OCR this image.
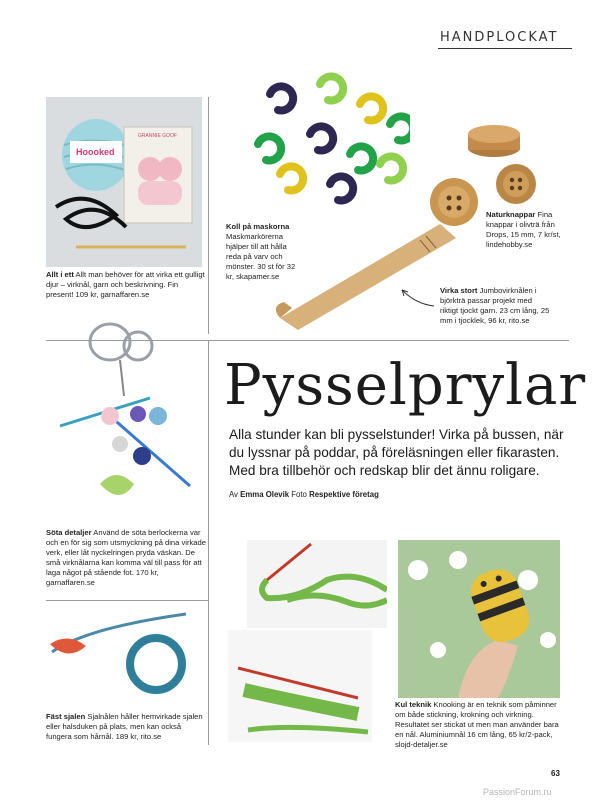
HANDPLOCKAT
Hoooked
GRANNIE GOOF
Allt i ett Allt man behöver för att virka ett gulligt djur – virknål, garn och beskrivning. Fin present! 109 kr, garnaffaren.se
Koll på maskorna Maskmarkörerna hjälper till att hålla reda på varv och mönster. 30 st för 32 kr, skapamer.se
Naturknappar Fina knappar i olivträ från Drops, 15 mm, 7 kr/st, lindehobby.se
Virka stort Jumbovirknålen i björkträ passar projekt med riktigt tjockt garn. 23 cm lång, 25 mm i tjocklek, 96 kr, rito.se
Pysselprylar
Alla stunder kan bli pysselstunder! Virka på bussen, när du lyssnar på poddar, på föreläsningen eller fikarasten. Med bra tillbehör och redskap blir det ännu roligare.
Av Emma Olevik Foto Respektive företag
Söta detaljer Använd de söta berlockerna var och en för sig som utsmyckning på dina virkade verk, eller låt nyckelringen pryda väskan. De små virknålarna kan komma väl till pass för att laga något på stående fot. 170 kr, garnaffaren.se
Fäst sjalen Sjalnålen håller hemvirkade sjalen eller halsduken på plats, men kan också fungera som hårnål. 189 kr, rito.se
Kul teknik Knooking är en teknik som påminner om både stickning, krokning och virkning. Resultatet ser stickat ut men man använder bara en nål. Aluminiumnål 16 cm lång, 65 kr/2-pack, slojd-detaljer.se
63
PassionForum.ru
